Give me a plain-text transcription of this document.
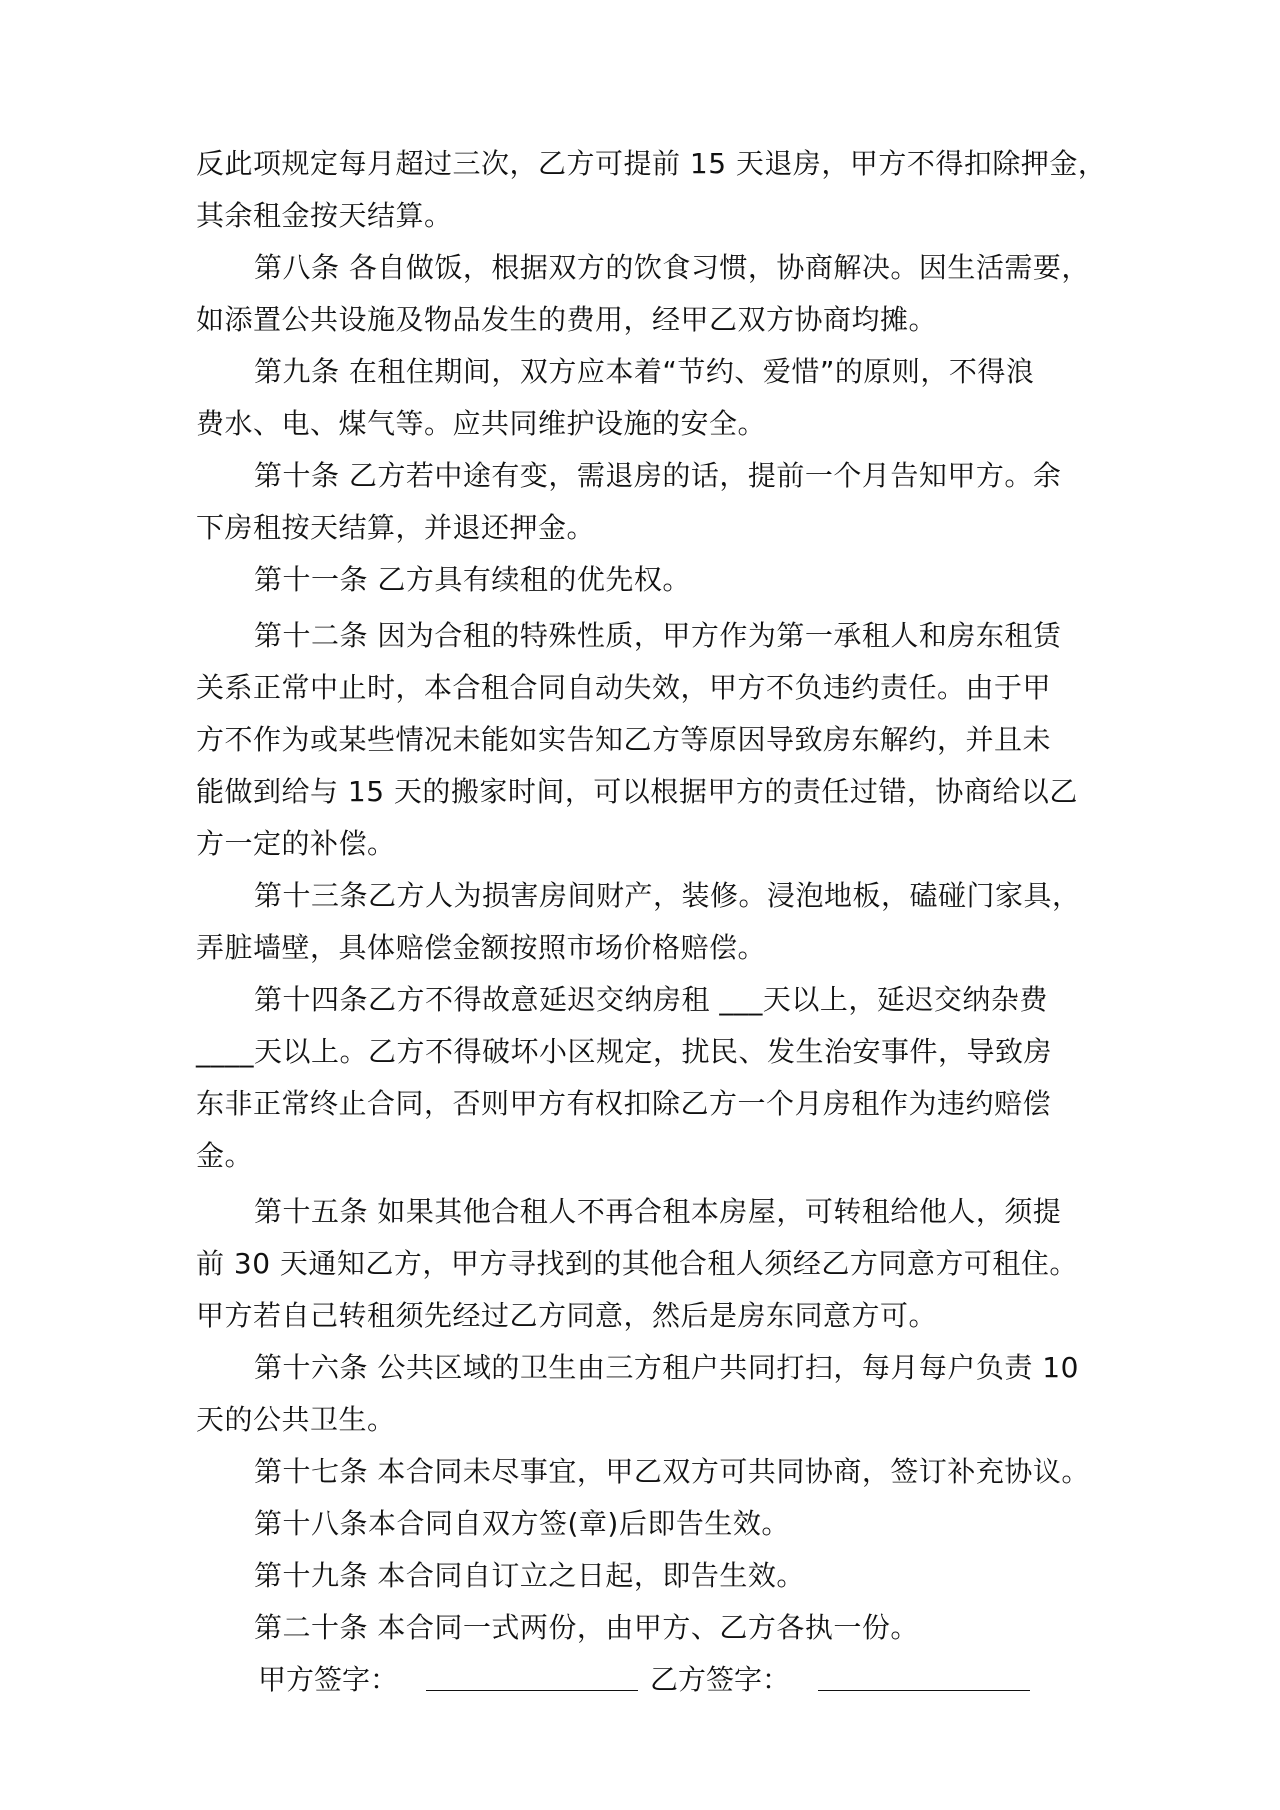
反此项规定每月超过三次，乙方可提前 15 天退房，甲方不得扣除押金，
其余租金按天结算。
第八条 各自做饭，根据双方的饮食习惯，协商解决。因生活需要，
如添置公共设施及物品发生的费用，经甲乙双方协商均摊。
第九条 在租住期间，双方应本着“节约、爱惜”的原则，不得浪
费水、电、煤气等。应共同维护设施的安全。
第十条 乙方若中途有变，需退房的话，提前一个月告知甲方。余
下房租按天结算，并退还押金。
第十一条 乙方具有续租的优先权。
第十二条 因为合租的特殊性质，甲方作为第一承租人和房东租赁
关系正常中止时，本合租合同自动失效，甲方不负违约责任。由于甲
方不作为或某些情况未能如实告知乙方等原因导致房东解约，并且未
能做到给与 15 天的搬家时间，可以根据甲方的责任过错，协商给以乙
方一定的补偿。
第十三条乙方人为损害房间财产，装修。浸泡地板，磕碰门家具，
弄脏墙壁，具体赔偿金额按照市场价格赔偿。
第十四条乙方不得故意延迟交纳房租 ___天以上，延迟交纳杂费
____天以上。乙方不得破坏小区规定，扰民、发生治安事件，导致房
东非正常终止合同，否则甲方有权扣除乙方一个月房租作为违约赔偿
金。
第十五条 如果其他合租人不再合租本房屋，可转租给他人，须提
前 30 天通知乙方，甲方寻找到的其他合租人须经乙方同意方可租住。
甲方若自己转租须先经过乙方同意，然后是房东同意方可。
第十六条 公共区域的卫生由三方租户共同打扫，每月每户负责 10
天的公共卫生。
第十七条 本合同未尽事宜，甲乙双方可共同协商，签订补充协议。
第十八条本合同自双方签(章)后即告生效。
第十九条 本合同自订立之日起，即告生效。
第二十条 本合同一式两份，由甲方、乙方各执一份。
甲方签字：	乙方签字：
